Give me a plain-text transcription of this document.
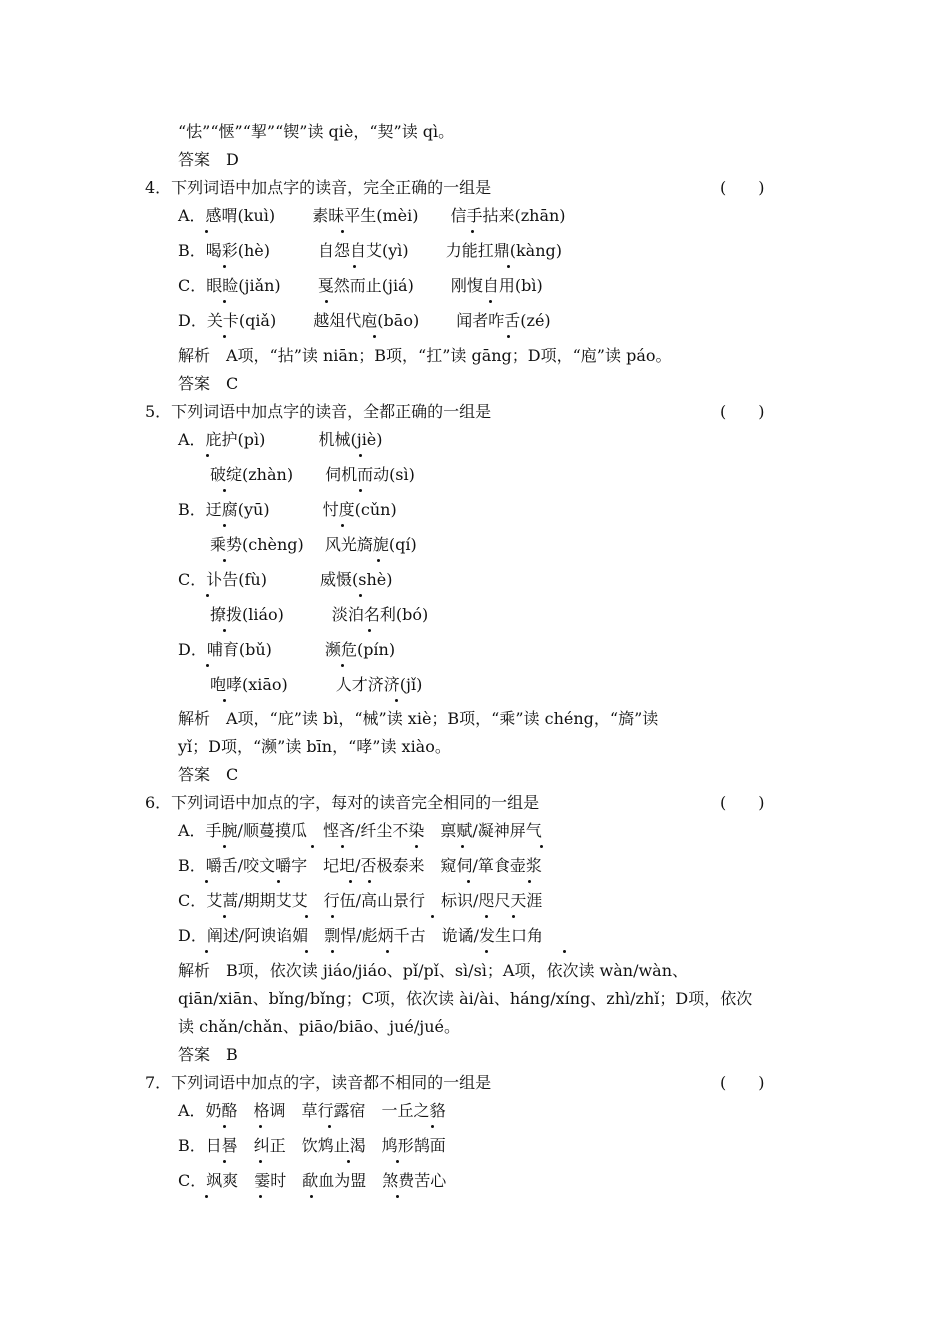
“怯”“惬”“挈”“锲”读 qiè，“契”读 qì。
答案　D
4．下列词语中加点字的读音，完全正确的一组是	(　　)
A．感喟(kuì)　　 素昧平生(mèi)　　信手拈来(zhān)
B．喝彩(hè)　　　自怨自艾(yì)　　 力能扛鼎(kàng)
C．眼睑(jiǎn)　　 戛然而止(jiá)　　 刚愎自用(bì)
D．关卡(qiǎ)　　 越俎代庖(bāo)　　 闻者咋舌(zé)
解析　A项，“拈”读 niān；B项，“扛”读 gāng；D项，“庖”读 páo。
答案　C
5．下列词语中加点字的读音，全都正确的一组是	(　　)
A．庇护(pì)　　　 机械(jiè)
　　破绽(zhàn)　　伺机而动(sì)
B．迂腐(yū)　　　 忖度(cǔn)
　　乘势(chèng)　 风光旖旎(qí)
C．讣告(fù)　　　 威慑(shè)
　　撩拨(liáo)　　　淡泊名利(bó)
D．哺育(bǔ)　　　 濒危(pín)
　　咆哮(xiāo)　　　人才济济(jǐ)
解析　A项，“庇”读 bì，“械”读 xiè；B项，“乘”读 chéng，“旖”读
yǐ；D项，“濒”读 bīn，“哮”读 xiào。
答案　C
6．下列词语中加点的字，每对的读音完全相同的一组是	(　　)
A．手腕/顺蔓摸瓜　悭吝/纤尘不染　禀赋/凝神屏气
B．嚼舌/咬文嚼字　圮圯/否极泰来　窥伺/箪食壶浆
C．艾蒿/期期艾艾　行伍/高山景行　标识/咫尺天涯
D．阐述/阿谀谄媚　剽悍/彪炳千古　诡谲/发生口角
解析　B项，依次读 jiáo/jiáo、pǐ/pǐ、sì/sì；A项，依次读 wàn/wàn、
qiān/xiān、bǐng/bǐng；C项，依次读 ài/ài、háng/xíng、zhì/zhǐ；D项，依次
读 chǎn/chǎn、piāo/biāo、jué/jué。
答案　B
7．下列词语中加点的字，读音都不相同的一组是	(　　)
A．奶酪　格调　草行露宿　一丘之貉
B．日晷　纠正　饮鸩止渴　鸠形鹄面
C．飒爽　霎时　歃血为盟　煞费苦心
